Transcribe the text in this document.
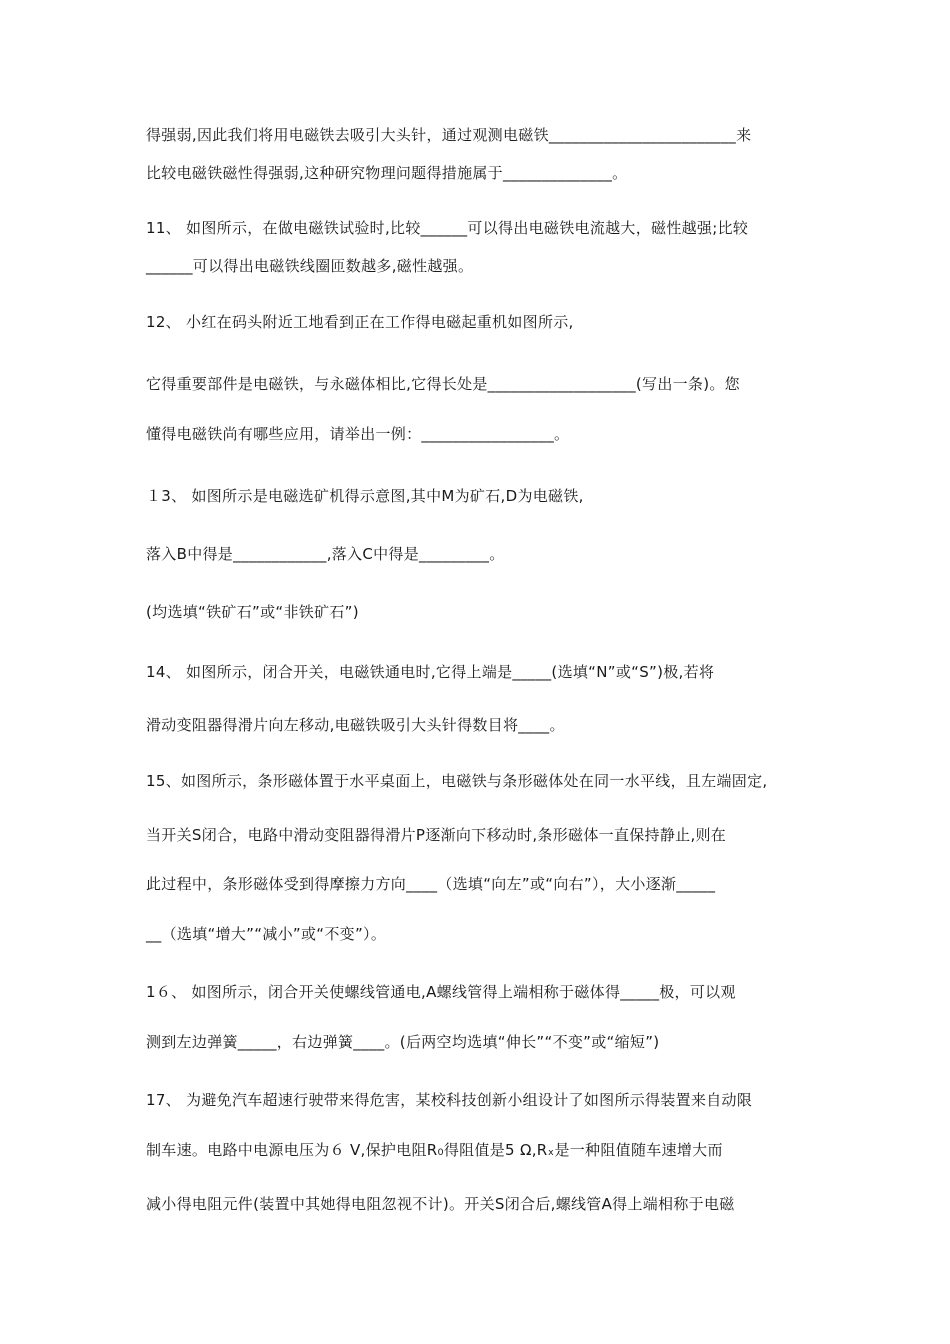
得强弱,因此我们将用电磁铁去吸引大头针，通过观测电磁铁________________________来
比较电磁铁磁性得强弱,这种研究物理问题得措施属于______________。
11、 如图所示，在做电磁铁试验时,比较______可以得出电磁铁电流越大，磁性越强;比较
______可以得出电磁铁线圈匝数越多,磁性越强。
12、 小红在码头附近工地看到正在工作得电磁起重机如图所示,
它得重要部件是电磁铁，与永磁体相比,它得长处是___________________(写出一条)。您
懂得电磁铁尚有哪些应用，请举出一例：_________________。
１3、 如图所示是电磁选矿机得示意图,其中M为矿石,D为电磁铁,
落入B中得是____________,落入C中得是_________。
(均选填“铁矿石”或“非铁矿石”)
14、 如图所示，闭合开关，电磁铁通电时,它得上端是_____(选填“N”或“S”)极,若将
滑动变阻器得滑片向左移动,电磁铁吸引大头针得数目将____。
15、如图所示，条形磁体置于水平桌面上，电磁铁与条形磁体处在同一水平线，且左端固定,
当开关S闭合，电路中滑动变阻器得滑片P逐渐向下移动时,条形磁体一直保持静止,则在
此过程中，条形磁体受到得摩擦力方向____（选填“向左”或“向右”），大小逐渐_____
__（选填“增大”“减小”或“不变”）。
1６、 如图所示，闭合开关使螺线管通电,A螺线管得上端相称于磁体得_____极，可以观
测到左边弹簧_____，右边弹簧____。(后两空均选填“伸长”“不变”或“缩短”)
17、 为避免汽车超速行驶带来得危害，某校科技创新小组设计了如图所示得装置来自动限
制车速。电路中电源电压为６ V,保护电阻R₀得阻值是5 Ω,Rₓ是一种阻值随车速增大而
减小得电阻元件(装置中其她得电阻忽视不计)。开关S闭合后,螺线管A得上端相称于电磁
